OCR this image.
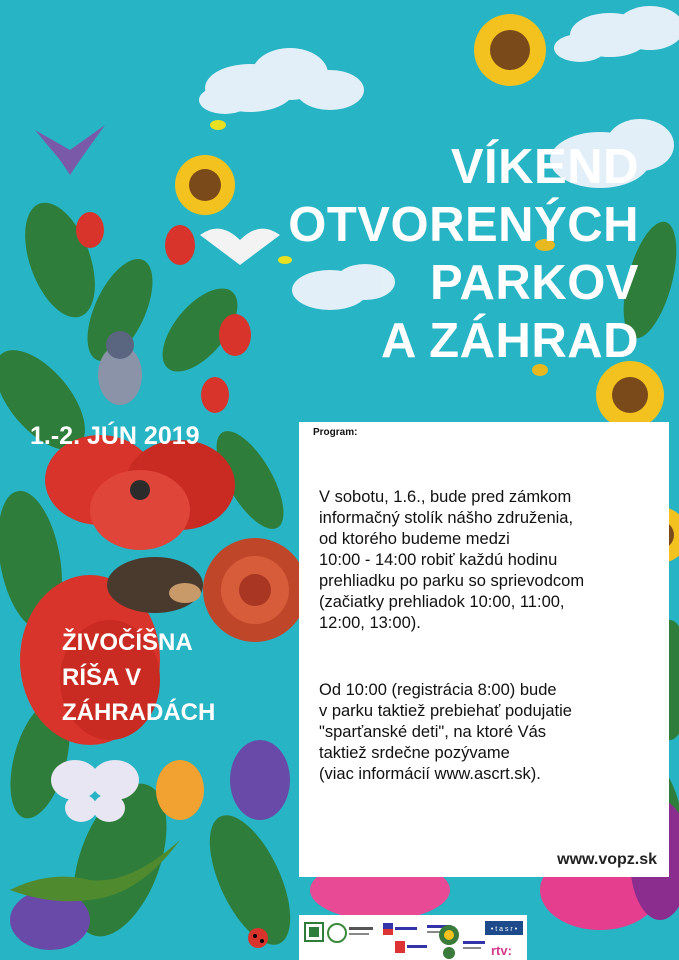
VÍKEND
OTVORENÝCH
PARKOV
A ZÁHRAD
1.-2. JÚN 2019
ŽIVOČÍŠNA
RÍŠA V
ZÁHRADÁCH
Program:
V sobotu, 1.6., bude pred zámkom
informačný stolík nášho združenia,
od ktorého budeme medzi
10:00 - 14:00 robiť každú hodinu
prehliadku po parku so sprievodcom
(začiatky prehliadok 10:00, 11:00,
12:00, 13:00).
Od 10:00 (registrácia 8:00) bude
v parku taktiež prebiehať podujatie
"sparťanské deti", na ktoré Vás
taktiež srdečne pozývame
(viac informácií www.ascrt.sk).
www.vopz.sk
• t a s r •
rtv:
